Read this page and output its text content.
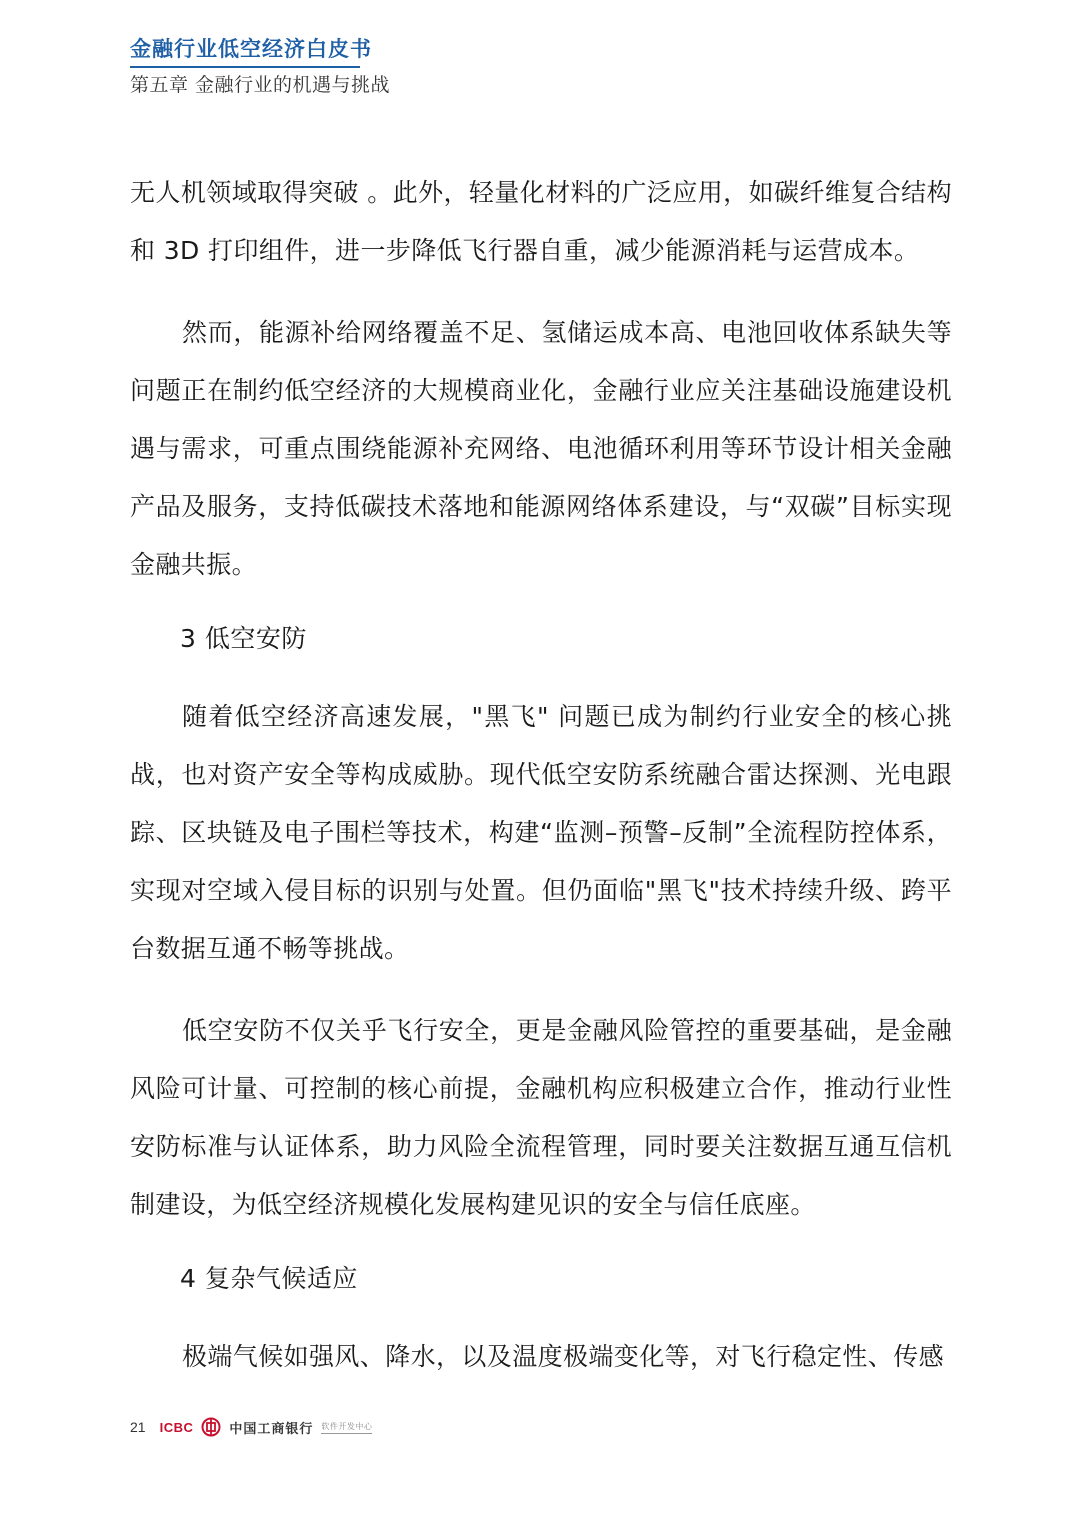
金融行业低空经济白皮书
第五章 金融行业的机遇与挑战

无人机领域取得突破 。此外，轻量化材料的广泛应用，如碳纤维复合结构和 3D 打印组件，进一步降低飞行器自重，减少能源消耗与运营成本。

然而，能源补给网络覆盖不足、氢储运成本高、电池回收体系缺失等问题正在制约低空经济的大规模商业化，金融行业应关注基础设施建设机遇与需求，可重点围绕能源补充网络、电池循环利用等环节设计相关金融产品及服务，支持低碳技术落地和能源网络体系建设，与“双碳”目标实现金融共振。

3 低空安防

随着低空经济高速发展，"黑飞" 问题已成为制约行业安全的核心挑战，也对资产安全等构成威胁。现代低空安防系统融合雷达探测、光电跟踪、区块链及电子围栏等技术，构建“监测–预警–反制”全流程防控体系，实现对空域入侵目标的识别与处置。但仍面临"黑飞"技术持续升级、跨平台数据互通不畅等挑战。

低空安防不仅关乎飞行安全，更是金融风险管控的重要基础，是金融风险可计量、可控制的核心前提，金融机构应积极建立合作，推动行业性安防标准与认证体系，助力风险全流程管理，同时要关注数据互通互信机制建设，为低空经济规模化发展构建见识的安全与信任底座。

4 复杂气候适应

极端气候如强风、降水，以及温度极端变化等，对飞行稳定性、传感

21 ICBC	中国工商银行 软件开发中心
